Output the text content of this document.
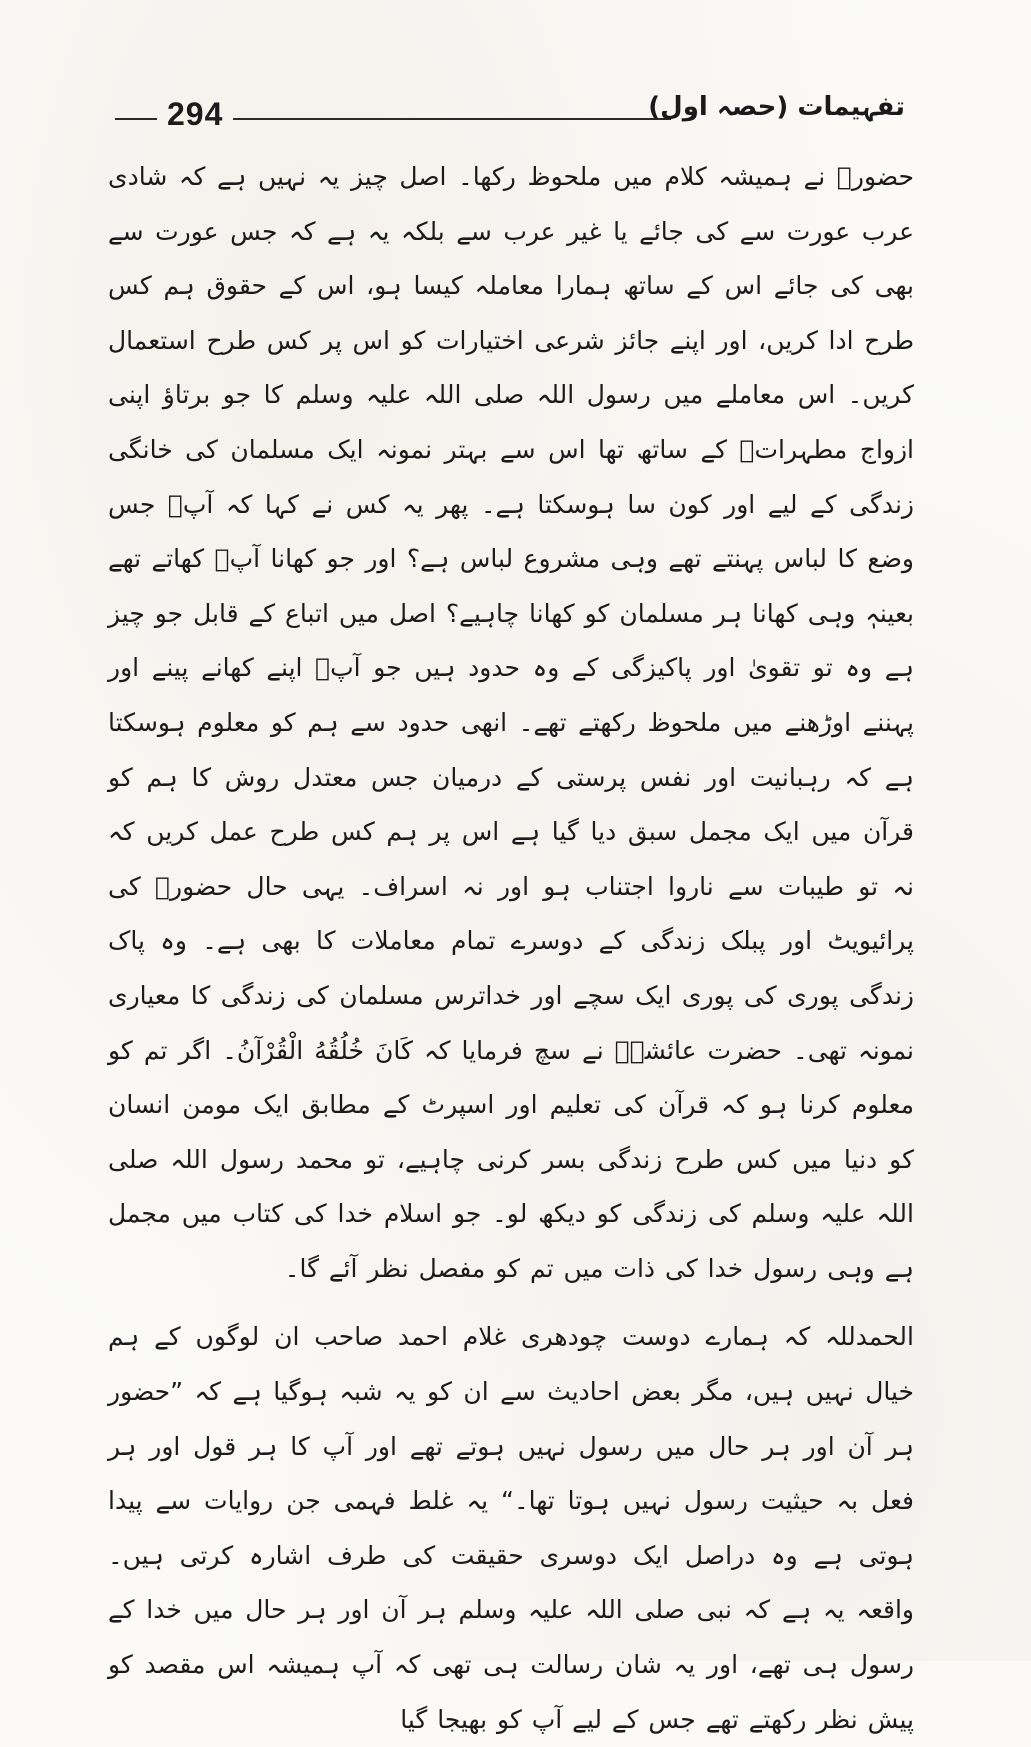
294	تفہیمات (حصہ اول)

حضورؐ نے ہمیشہ کلام میں ملحوظ رکھا۔ اصل چیز یہ نہیں ہے کہ شادی عرب عورت سے کی جائے یا غیر عرب سے بلکہ یہ ہے کہ جس عورت سے بھی کی جائے اس کے ساتھ ہمارا معاملہ کیسا ہو، اس کے حقوق ہم کس طرح ادا کریں، اور اپنے جائز شرعی اختیارات کو اس پر کس طرح استعمال کریں۔ اس معاملے میں رسول اللہ صلی اللہ علیہ وسلم کا جو برتاؤ اپنی ازواج مطہراتؓ کے ساتھ تھا اس سے بہتر نمونہ ایک مسلمان کی خانگی زندگی کے لیے اور کون سا ہوسکتا ہے۔ پھر یہ کس نے کہا کہ آپؐ جس وضع کا لباس پہنتے تھے وہی مشروع لباس ہے؟ اور جو کھانا آپؐ کھاتے تھے بعینہٖ وہی کھانا ہر مسلمان کو کھانا چاہیے؟ اصل میں اتباع کے قابل جو چیز ہے وہ تو تقویٰ اور پاکیزگی کے وہ حدود ہیں جو آپؐ اپنے کھانے پینے اور پہننے اوڑھنے میں ملحوظ رکھتے تھے۔ انھی حدود سے ہم کو معلوم ہوسکتا ہے کہ رہبانیت اور نفس پرستی کے درمیان جس معتدل روش کا ہم کو قرآن میں ایک مجمل سبق دیا گیا ہے اس پر ہم کس طرح عمل کریں کہ نہ تو طیبات سے ناروا اجتناب ہو اور نہ اسراف۔ یہی حال حضورؐ کی پرائیویٹ اور پبلک زندگی کے دوسرے تمام معاملات کا بھی ہے۔ وہ پاک زندگی پوری کی پوری ایک سچے اور خداترس مسلمان کی زندگی کا معیاری نمونہ تھی۔ حضرت عائشہؓ نے سچ فرمایا کہ کَانَ خُلُقُهُ الْقُرْآنُ۔ اگر تم کو معلوم کرنا ہو کہ قرآن کی تعلیم اور اسپرٹ کے مطابق ایک مومن انسان کو دنیا میں کس طرح زندگی بسر کرنی چاہیے، تو محمد رسول اللہ صلی اللہ علیہ وسلم کی زندگی کو دیکھ لو۔ جو اسلام خدا کی کتاب میں مجمل ہے وہی رسول خدا کی ذات میں تم کو مفصل نظر آئے گا۔

الحمدللہ کہ ہمارے دوست چودھری غلام احمد صاحب ان لوگوں کے ہم خیال نہیں ہیں، مگر بعض احادیث سے ان کو یہ شبہ ہوگیا ہے کہ ”حضور ہر آن اور ہر حال میں رسول نہیں ہوتے تھے اور آپ کا ہر قول اور ہر فعل بہ حیثیت رسول نہیں ہوتا تھا۔“ یہ غلط فہمی جن روایات سے پیدا ہوتی ہے وہ دراصل ایک دوسری حقیقت کی طرف اشارہ کرتی ہیں۔ واقعہ یہ ہے کہ نبی صلی اللہ علیہ وسلم ہر آن اور ہر حال میں خدا کے رسول ہی تھے، اور یہ شان رسالت ہی تھی کہ آپ ہمیشہ اس مقصد کو پیش نظر رکھتے تھے جس کے لیے آپ کو بھیجا گیا
